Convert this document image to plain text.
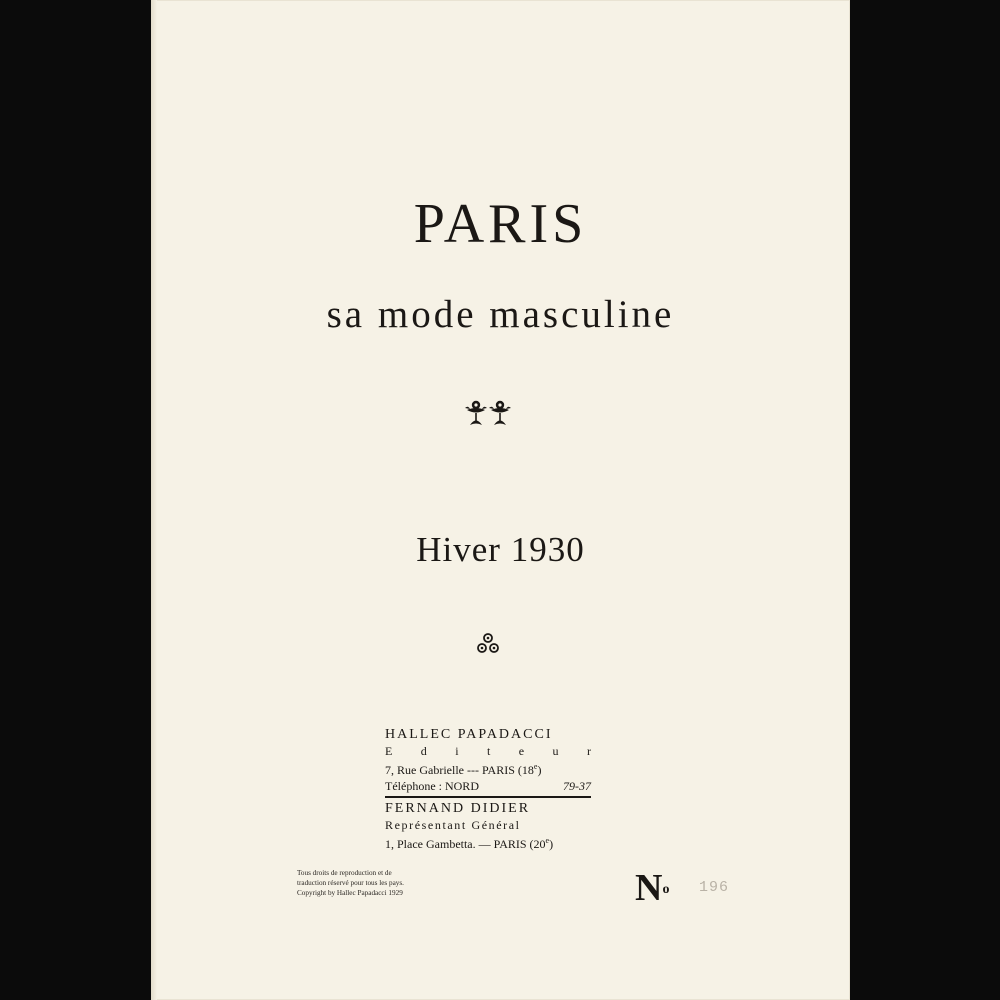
PARIS
sa mode masculine
Hiver 1930
HALLEC PAPADACCI
E d i t e u r
7, Rue Gabrielle --- PARIS (18e)
Téléphone : NORD	79-37
FERNAND DIDIER
Représentant Général
1, Place Gambetta. — PARIS (20e)
Tous droits de reproduction et de
traduction réservé pour tous les pays.
Copyright by Hallec Papadacci 1929	$N^o$ 196
